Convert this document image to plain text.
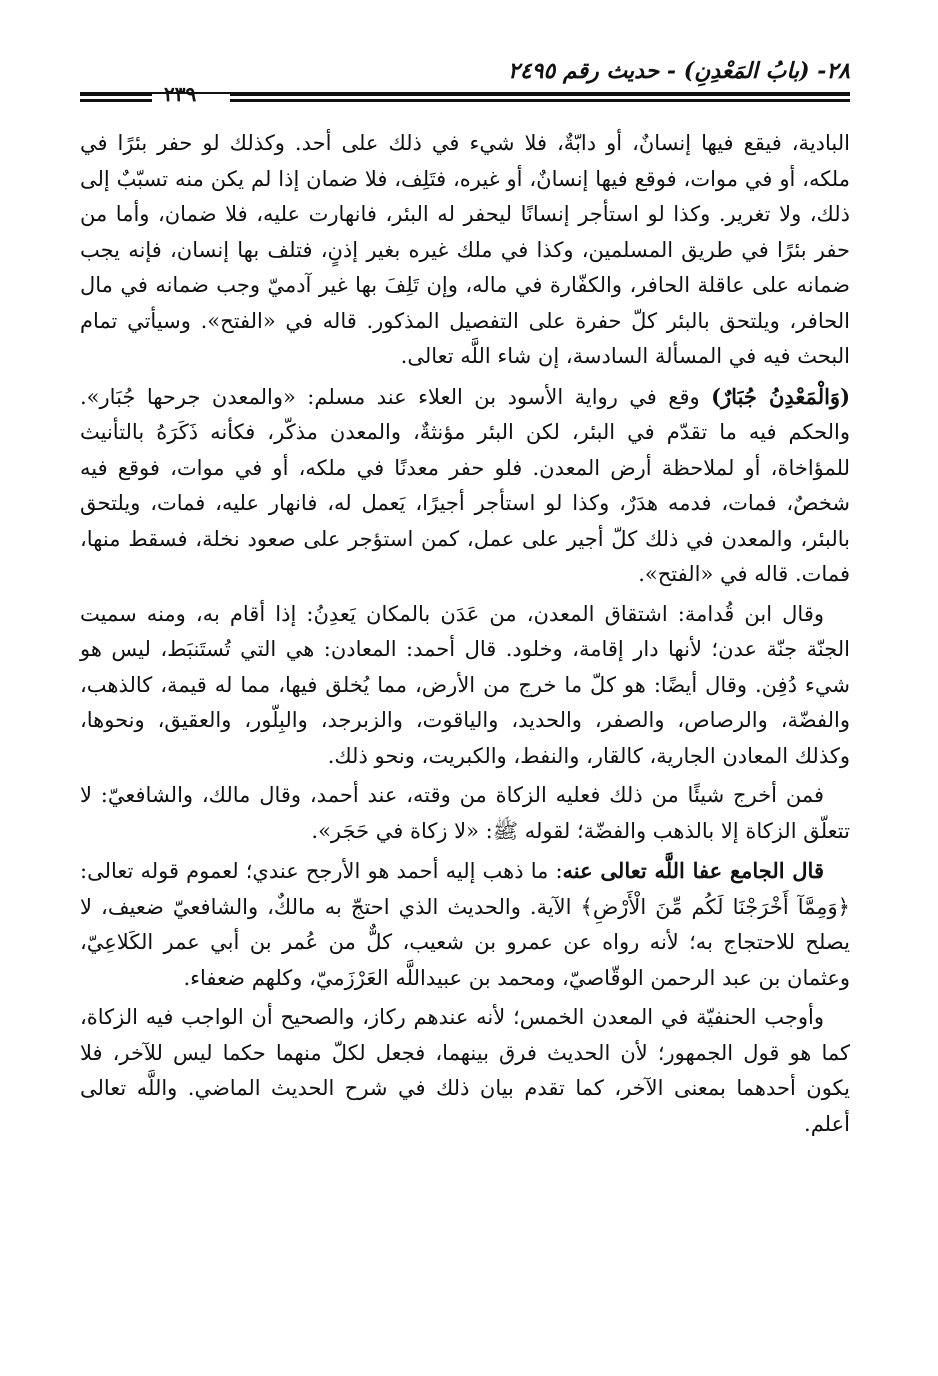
٢٨- (بابُ المَعْدِنِ) - حديث رقم ٢٤٩٥
٢٣٩

البادية، فيقع فيها إنسانٌ، أو دابّةٌ، فلا شيء في ذلك على أحد. وكذلك لو حفر بئرًا في ملكه، أو في موات، فوقع فيها إنسانٌ، أو غيره، فتَلِف، فلا ضمان إذا لم يكن منه تسبّبٌ إلى ذلك، ولا تغرير. وكذا لو استأجر إنسانًا ليحفر له البئر، فانهارت عليه، فلا ضمان، وأما من حفر بئرًا في طريق المسلمين، وكذا في ملك غيره بغير إذنٍ، فتلف بها إنسان، فإنه يجب ضمانه على عاقلة الحافر، والكفّارة في ماله، وإن تَلِفَ بها غير آدميّ وجب ضمانه في مال الحافر، ويلتحق بالبئر كلّ حفرة على التفصيل المذكور. قاله في «الفتح». وسيأتي تمام البحث فيه في المسألة السادسة، إن شاء اللَّه تعالى.

(وَالْمَعْدِنُ جُبَارٌ) وقع في رواية الأسود بن العلاء عند مسلم: «والمعدن جرحها جُبَار». والحكم فيه ما تقدّم في البئر، لكن البئر مؤنثةٌ، والمعدن مذكّر، فكأنه ذَكَرَهُ بالتأنيث للمؤاخاة، أو لملاحظة أرض المعدن. فلو حفر معدنًا في ملكه، أو في موات، فوقع فيه شخصٌ، فمات، فدمه هدَرٌ، وكذا لو استأجر أجيرًا، يَعمل له، فانهار عليه، فمات، ويلتحق بالبئر، والمعدن في ذلك كلّ أجير على عمل، كمن استؤجر على صعود نخلة، فسقط منها، فمات. قاله في «الفتح».

وقال ابن قُدامة: اشتقاق المعدن، من عَدَن بالمكان يَعدِنُ: إذا أقام به، ومنه سميت الجنّة جنّة عدن؛ لأنها دار إقامة، وخلود. قال أحمد: المعادن: هي التي تُستَنبَط، ليس هو شيء دُفِن. وقال أيضًا: هو كلّ ما خرج من الأرض، مما يُخلق فيها، مما له قيمة، كالذهب، والفضّة، والرصاص، والصفر، والحديد، والياقوت، والزبرجد، والبِلّور، والعقيق، ونحوها، وكذلك المعادن الجارية، كالقار، والنفط، والكبريت، ونحو ذلك.

فمن أخرج شيئًا من ذلك فعليه الزكاة من وقته، عند أحمد، وقال مالك، والشافعيّ: لا تتعلّق الزكاة إلا بالذهب والفضّة؛ لقوله ﷺ: «لا زكاة في حَجَر».

قال الجامع عفا اللَّه تعالى عنه: ما ذهب إليه أحمد هو الأرجح عندي؛ لعموم قوله تعالى: ﴿وَمِمَّآ أَخْرَجْنَا لَكُم مِّنَ الْأَرْضِ﴾ الآية. والحديث الذي احتجّ به مالكٌ، والشافعيّ ضعيف، لا يصلح للاحتجاج به؛ لأنه رواه عن عمرو بن شعيب، كلٌّ من عُمر بن أبي عمر الكَلاعِيّ، وعثمان بن عبد الرحمن الوقّاصيّ، ومحمد بن عبيداللَّه العَرْزَميّ، وكلهم ضعفاء.

وأوجب الحنفيّة في المعدن الخمس؛ لأنه عندهم ركاز، والصحيح أن الواجب فيه الزكاة، كما هو قول الجمهور؛ لأن الحديث فرق بينهما، فجعل لكلّ منهما حكما ليس للآخر، فلا يكون أحدهما بمعنى الآخر، كما تقدم بيان ذلك في شرح الحديث الماضي. واللَّه تعالى أعلم.
